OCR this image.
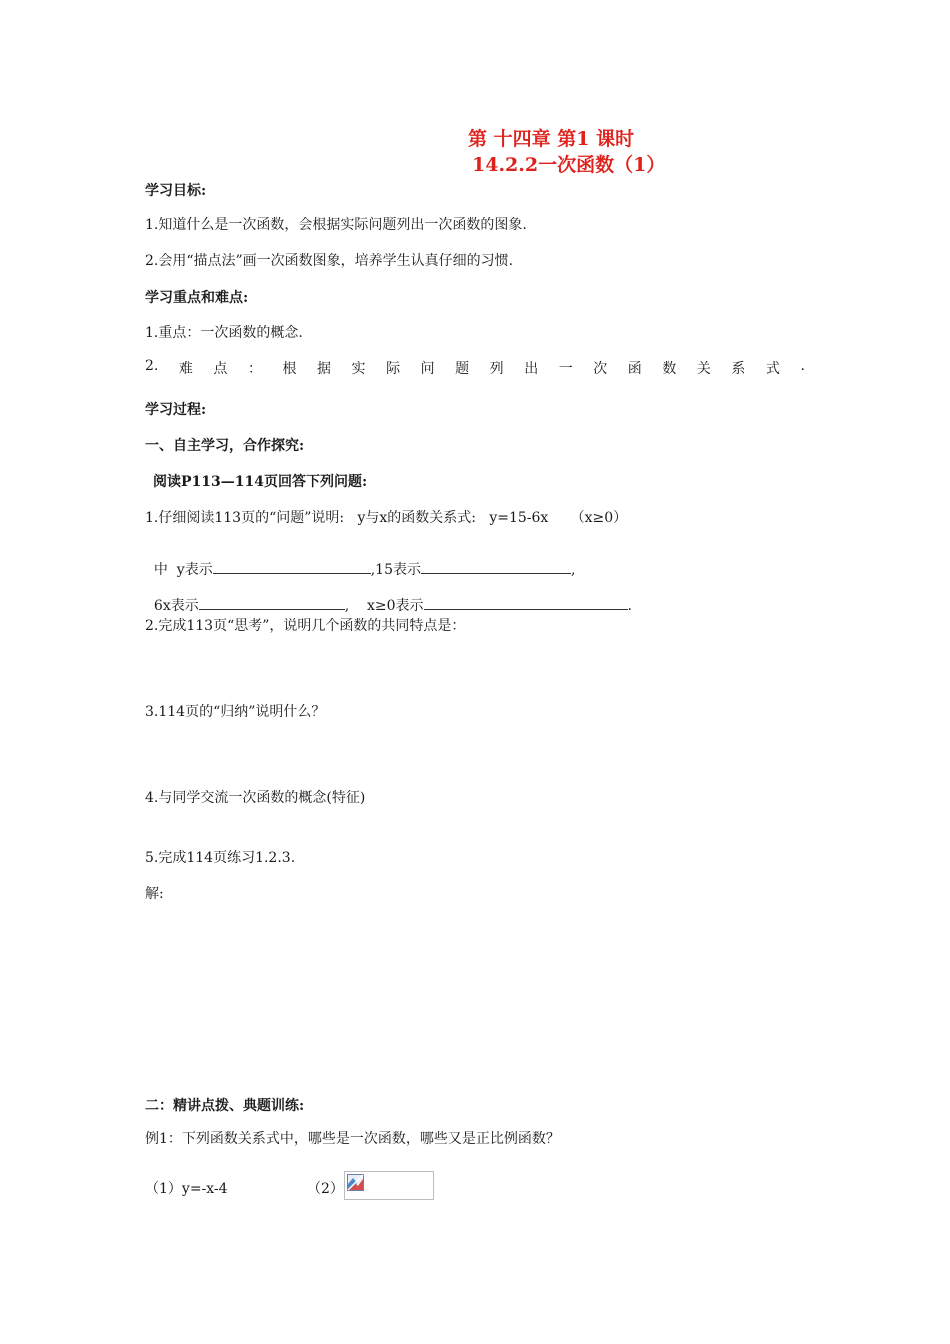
第 十四章 第1 课时
14.2.2一次函数（1）
学习目标:
1.知道什么是一次函数，会根据实际问题列出一次函数的图象.
2.会用“描点法”画一次函数图象，培养学生认真仔细的习惯.
学习重点和难点:
1.重点：一次函数的概念.
2. 难 点 ： 根 据 实 际 问 题 列 出 一 次 函 数 关 系 式 .
学习过程:
一、自主学习，合作探究:
阅读P113—114页回答下列问题:
1.仔细阅读113页的“问题”说明:   y与x的函数关系式:   y=15-6x     （x≥0）

中  y表示	,15表示	,

6x表示	,    x≥0表示	.

2.完成113页“思考”，说明几个函数的共同特点是：
3.114页的“归纳”说明什么？
4.与同学交流一次函数的概念(特征)
5.完成114页练习1.2.3.
解:
二：精讲点拨、典题训练:
例1：下列函数关系式中，哪些是一次函数，哪些又是正比例函数？
（1）y=-x-4	（2）
